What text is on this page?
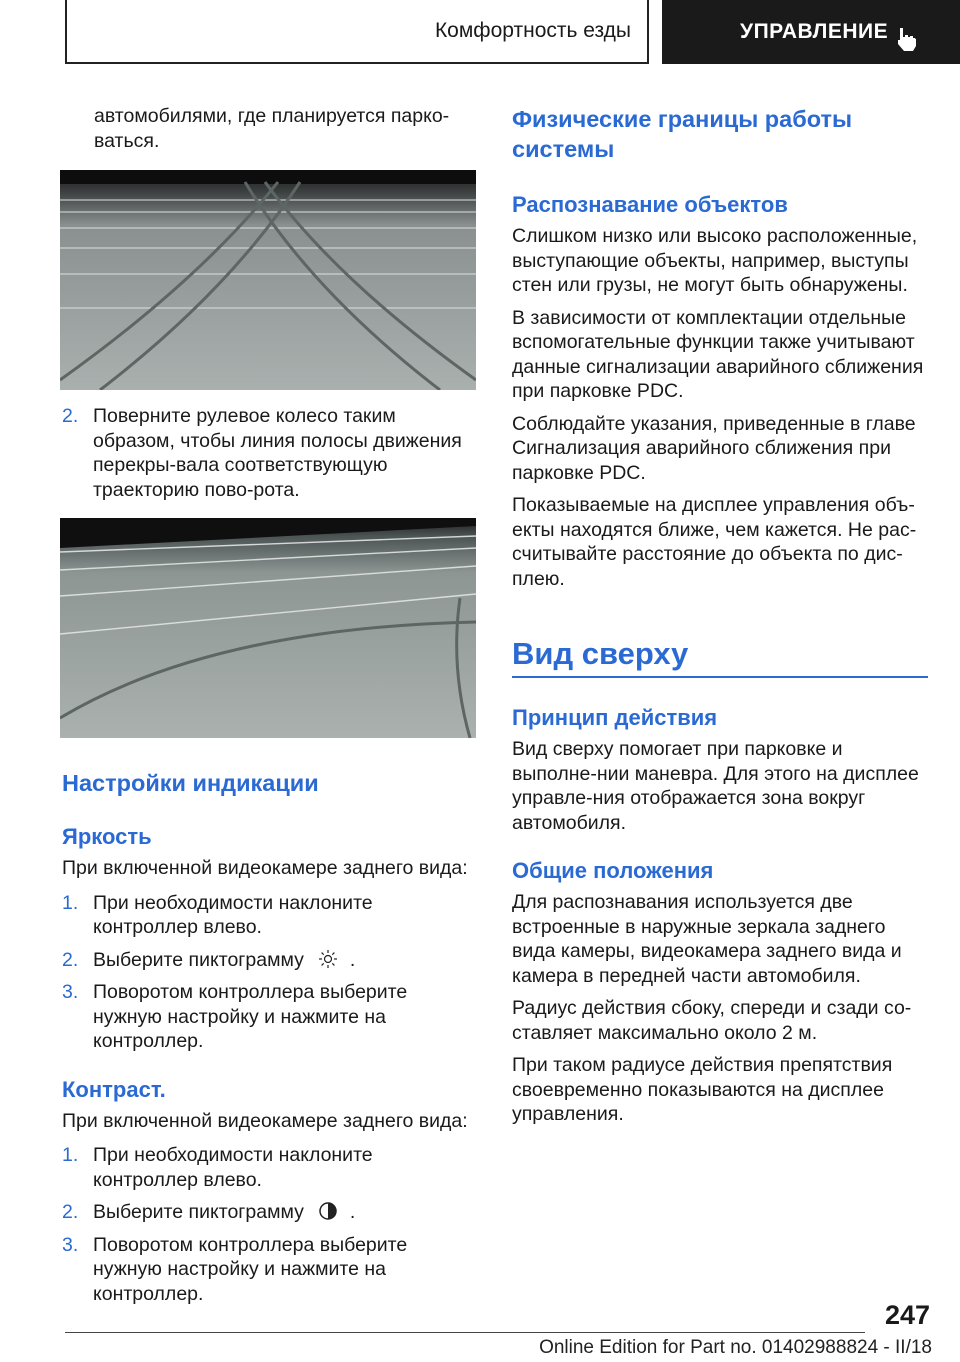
Комфортность езды	УПРАВЛЕНИЕ

автомобилями, где планируется парко-
ваться.

2. Поверните рулевое колесо таким образом, чтобы линия полосы движения перекры-вала соответствующую траекторию пово-рота.

Настройки индикации

Яркость

При включенной видеокамере заднего вида:

1. При необходимости наклоните контроллер влево.

2. Выберите пиктограмму .

3. Поворотом контроллера выберите нужную настройку и нажмите на контроллер.

Контраст.

При включенной видеокамере заднего вида:

1. При необходимости наклоните контроллер влево.

2. Выберите пиктограмму .

3. Поворотом контроллера выберите нужную настройку и нажмите на контроллер.

Физические границы работы системы

Распознавание объектов

Слишком низко или высоко расположенные, выступающие объекты, например, выступы стен или грузы, не могут быть обнаружены.

В зависимости от комплектации отдельные вспомогательные функции также учитывают данные сигнализации аварийного сближения при парковке PDC.

Соблюдайте указания, приведенные в главе Сигнализация аварийного сближения при парковке PDC.

Показываемые на дисплее управления объ-екты находятся ближе, чем кажется. Не рас-считывайте расстояние до объекта по дис-плею.

Вид сверху

Принцип действия

Вид сверху помогает при парковке и выполне-нии маневра. Для этого на дисплее управле-ния отображается зона вокруг автомобиля.

Общие положения

Для распознавания используется две встроенные в наружные зеркала заднего вида камеры, видеокамера заднего вида и камера в передней части автомобиля.

Радиус действия сбоку, спереди и сзади со-ставляет максимально около 2 м.

При таком радиусе действия препятствия своевременно показываются на дисплее управления.

247
Online Edition for Part no. 01402988824 - II/18
